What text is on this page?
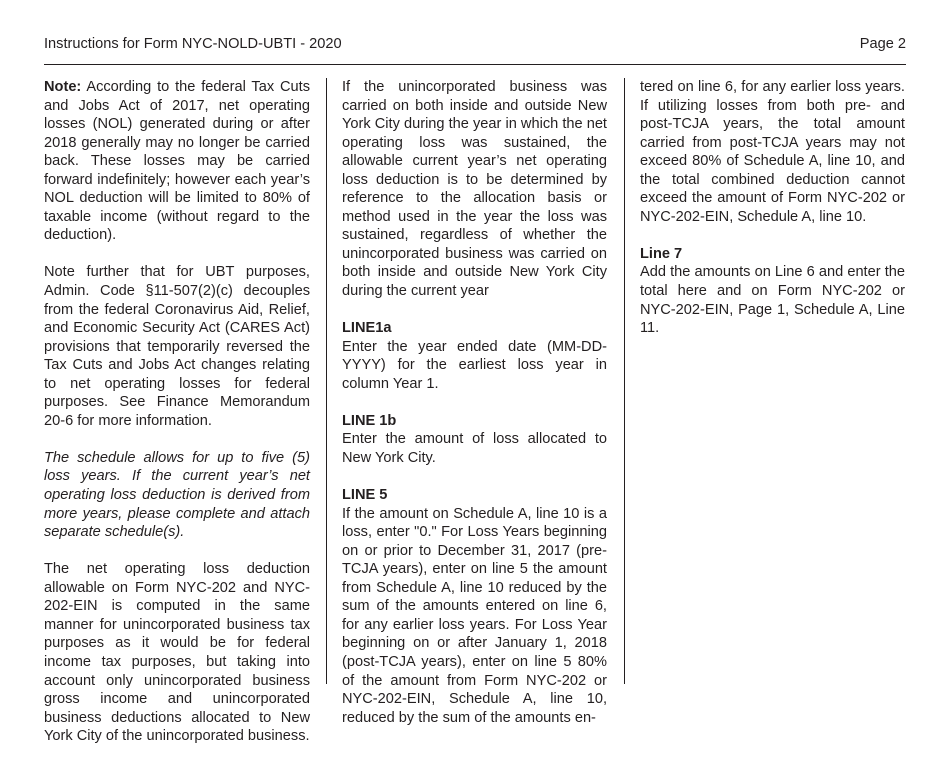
Instructions for Form NYC-NOLD-UBTI - 2020	Page 2

Note: According to the federal Tax Cuts and Jobs Act of 2017, net operating losses (NOL) generated during or after 2018 generally may no longer be carried back. These losses may be carried forward indefinitely; however each year’s NOL deduction will be limited to 80% of taxable income (without regard to the deduction).

Note further that for UBT purposes, Admin. Code §11-507(2)(c) decouples from the federal Coronavirus Aid, Relief, and Economic Security Act (CARES Act) provisions that temporarily reversed the Tax Cuts and Jobs Act changes relating to net operating losses for federal purposes. See Finance Memorandum 20-6 for more information.

The schedule allows for up to five (5) loss years. If the current year’s net operating loss deduction is derived from more years, please complete and attach separate schedule(s).

The net operating loss deduction allowable on Form NYC-202 and NYC-202-EIN is computed in the same manner for unincorporated business tax purposes as it would be for federal income tax purposes, but taking into account only unincorporated business gross income and unincorporated business deductions allocated to New York City of the unincorporated business.

If the unincorporated business was carried on both inside and outside New York City during the year in which the net operating loss was sustained, the allowable current year’s net operating loss deduction is to be determined by reference to the allocation basis or method used in the year the loss was sustained, regardless of whether the unincorporated business was carried on both inside and outside New York City during the current year

LINE1a
Enter the year ended date (MM-DD-YYYY) for the earliest loss year in column Year 1.

LINE 1b
Enter the amount of loss allocated to New York City.

LINE 5
If the amount on Schedule A, line 10 is a loss, enter "0." For Loss Years beginning on or prior to December 31, 2017 (pre-TCJA years), enter on line 5 the amount from Schedule A, line 10 reduced by the sum of the amounts entered on line 6, for any earlier loss years. For Loss Year beginning on or after January 1, 2018 (post-TCJA years), enter on line 5 80% of the amount from Form NYC-202 or NYC-202-EIN, Schedule A, line 10, reduced by the sum of the amounts en-

tered on line 6, for any earlier loss years. If utilizing losses from both pre- and post-TCJA years, the total amount carried from post-TCJA years may not exceed 80% of Schedule A, line 10, and the total combined deduction cannot exceed the amount of Form NYC-202 or NYC-202-EIN, Schedule A, line 10.

Line 7
Add the amounts on Line 6 and enter the total here and on Form NYC-202 or NYC-202-EIN, Page 1, Schedule A, Line 11.
